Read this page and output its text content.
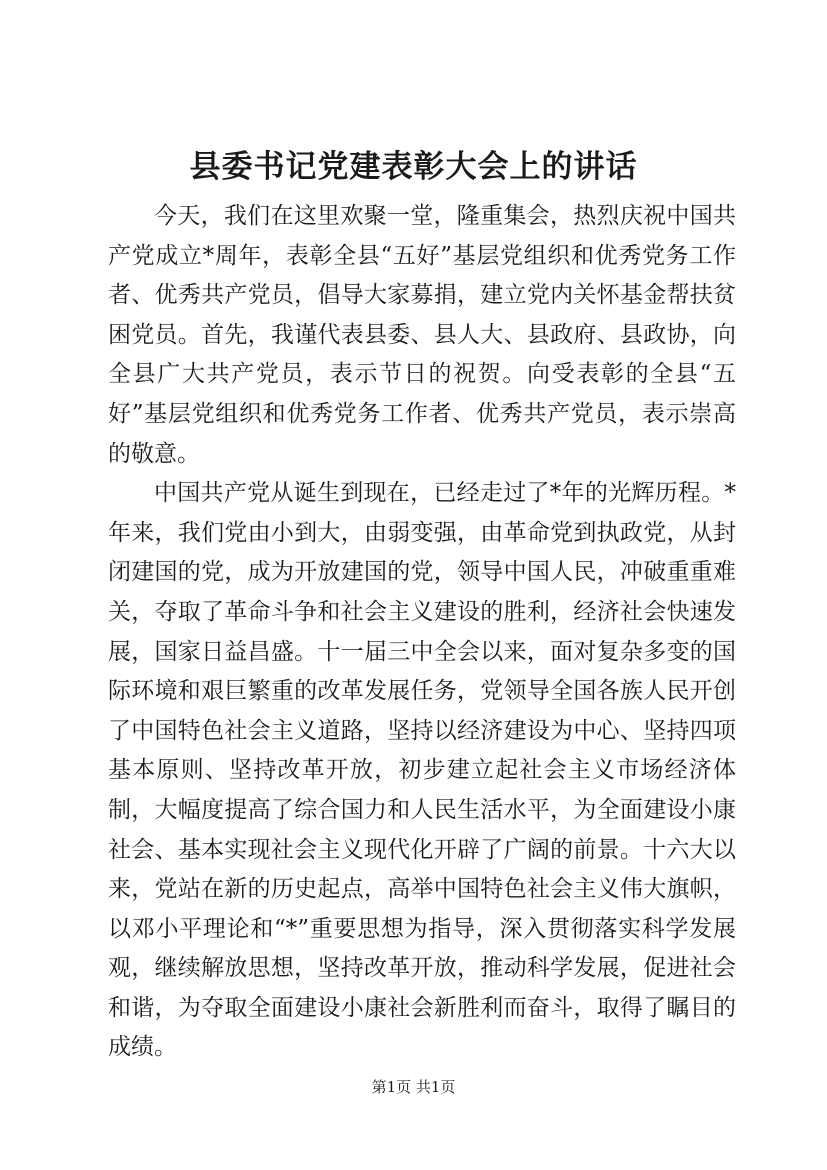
县委书记党建表彰大会上的讲话

今天，我们在这里欢聚一堂，隆重集会，热烈庆祝中国共产党成立*周年，表彰全县“五好”基层党组织和优秀党务工作者、优秀共产党员，倡导大家募捐，建立党内关怀基金帮扶贫困党员。首先，我谨代表县委、县人大、县政府、县政协，向全县广大共产党员，表示节日的祝贺。向受表彰的全县“五好”基层党组织和优秀党务工作者、优秀共产党员，表示崇高的敬意。

中国共产党从诞生到现在，已经走过了*年的光辉历程。*年来，我们党由小到大，由弱变强，由革命党到执政党，从封闭建国的党，成为开放建国的党，领导中国人民，冲破重重难关，夺取了革命斗争和社会主义建设的胜利，经济社会快速发展，国家日益昌盛。十一届三中全会以来，面对复杂多变的国际环境和艰巨繁重的改革发展任务，党领导全国各族人民开创了中国特色社会主义道路，坚持以经济建设为中心、坚持四项基本原则、坚持改革开放，初步建立起社会主义市场经济体制，大幅度提高了综合国力和人民生活水平，为全面建设小康社会、基本实现社会主义现代化开辟了广阔的前景。十六大以来，党站在新的历史起点，高举中国特色社会主义伟大旗帜，以邓小平理论和“*”重要思想为指导，深入贯彻落实科学发展观，继续解放思想，坚持改革开放，推动科学发展，促进社会和谐，为夺取全面建设小康社会新胜利而奋斗，取得了瞩目的成绩。

第1页 共1页
